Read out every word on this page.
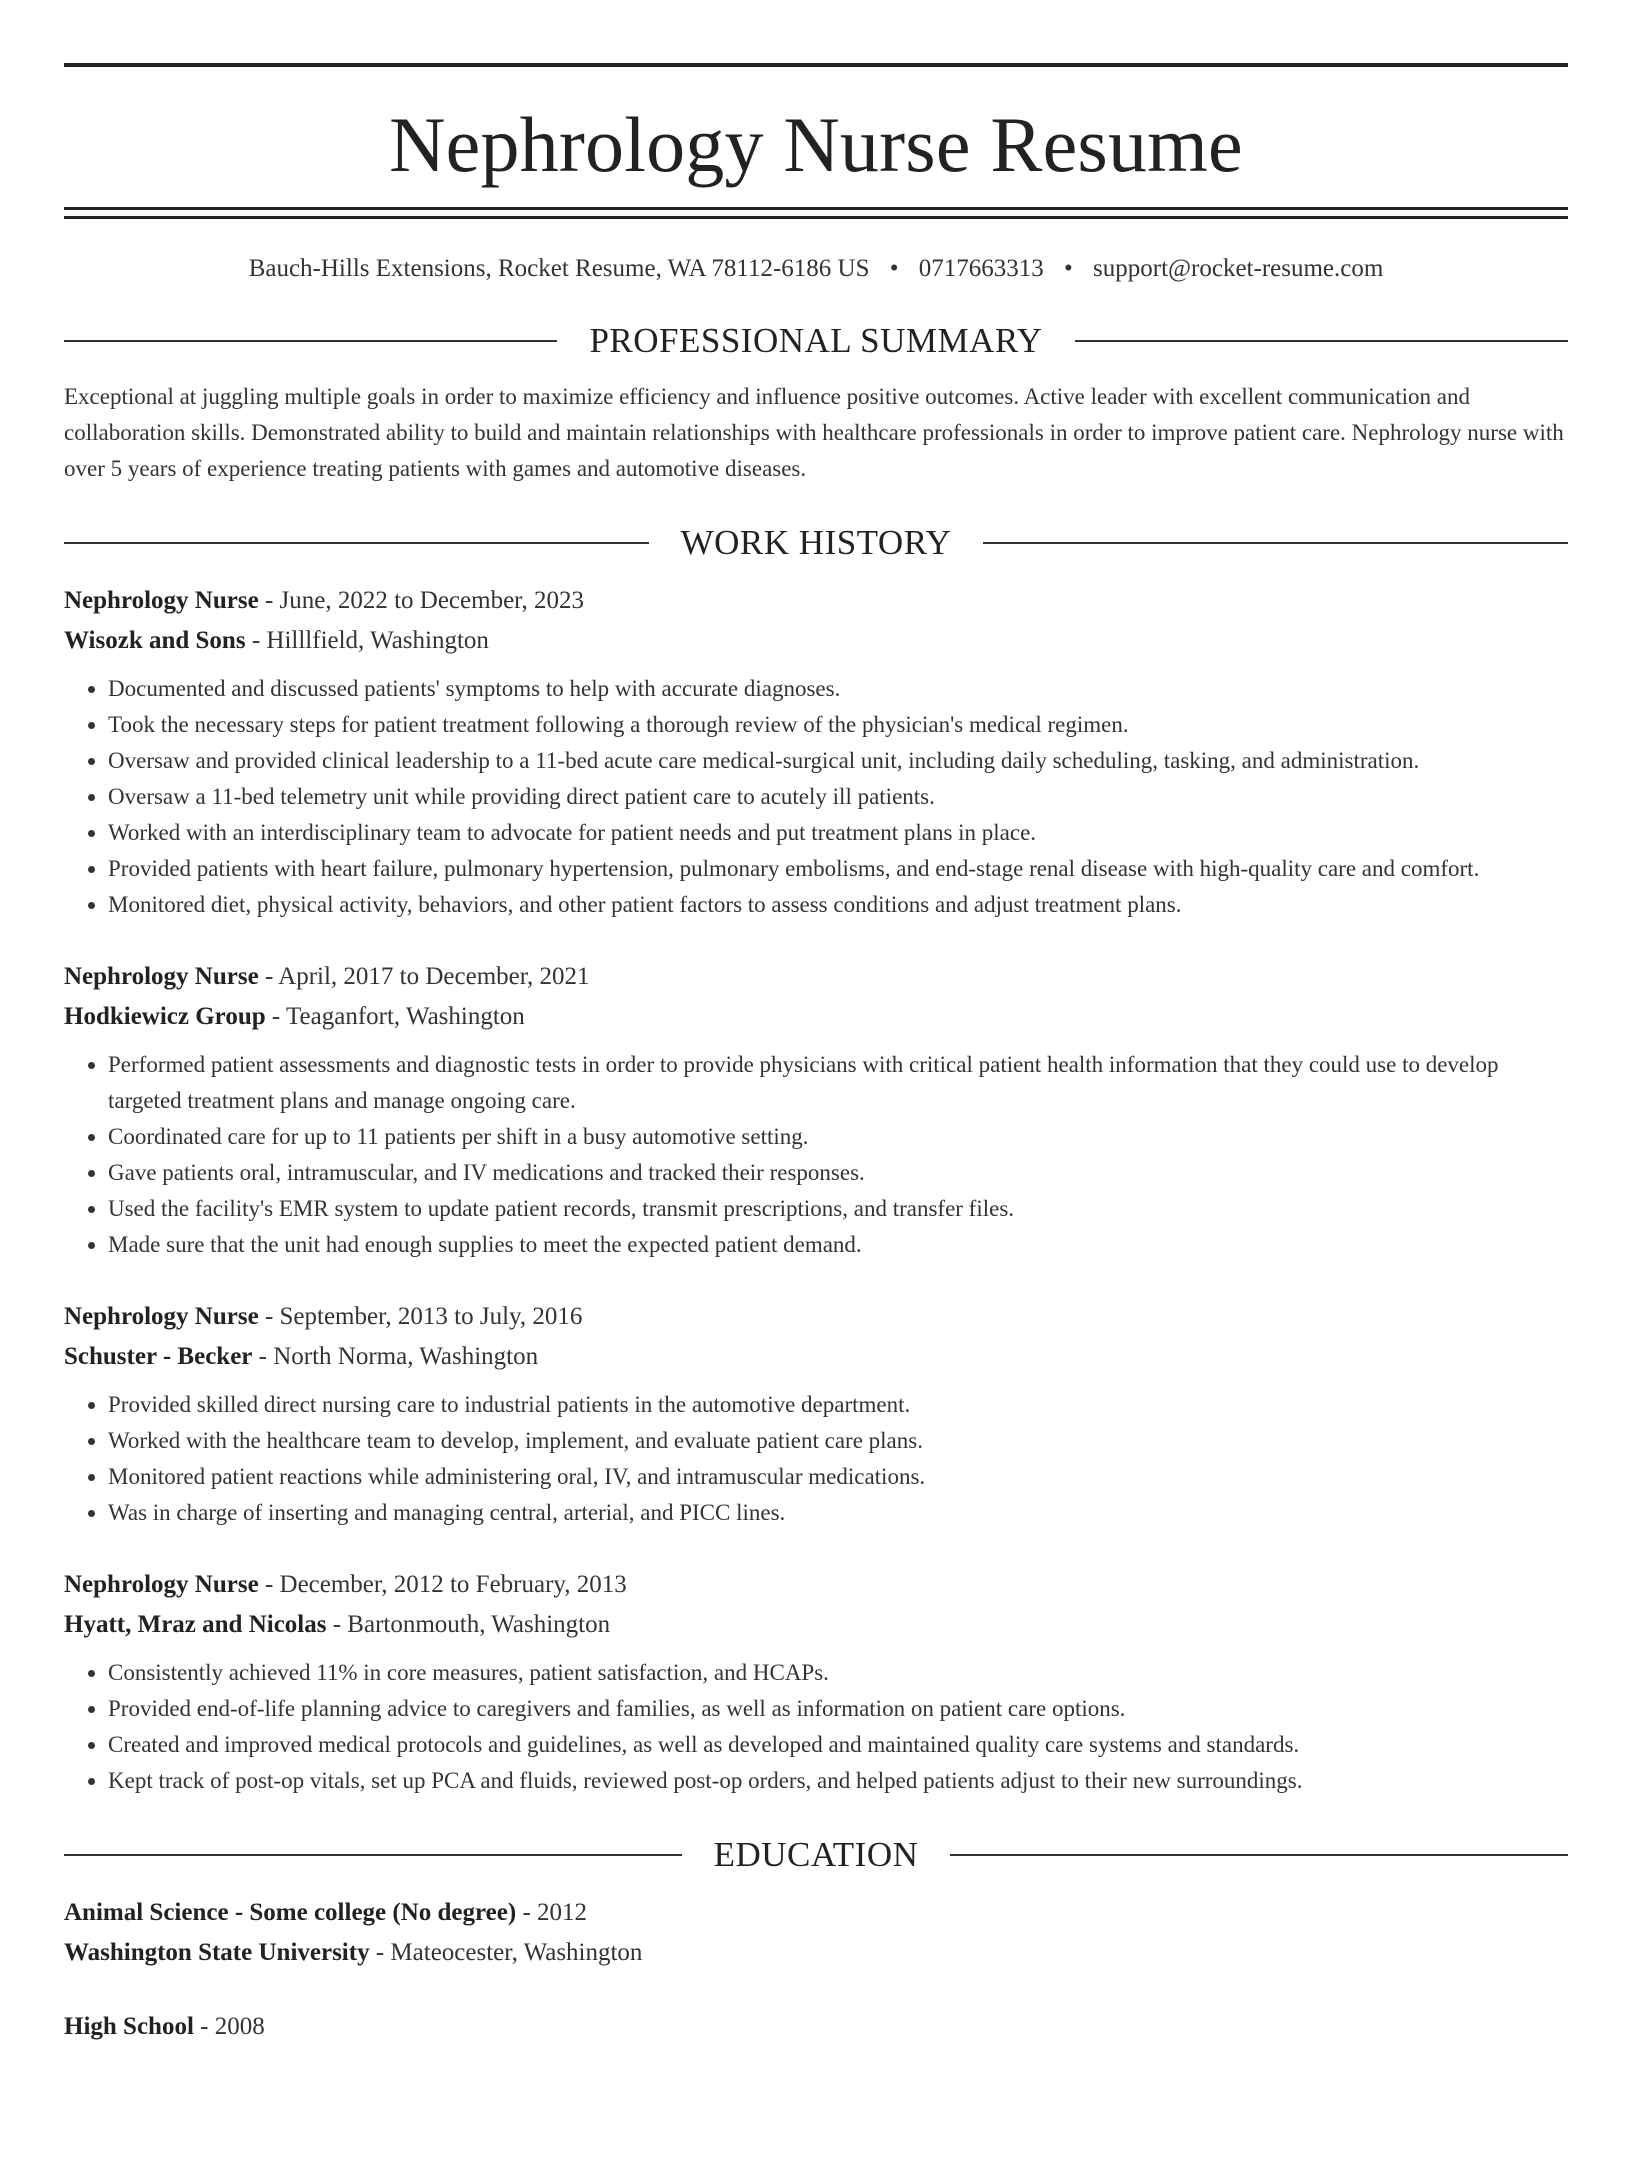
Nephrology Nurse Resume
Bauch-Hills Extensions, Rocket Resume, WA 78112-6186 US • 0717663313 • support@rocket-resume.com
PROFESSIONAL SUMMARY
Exceptional at juggling multiple goals in order to maximize efficiency and influence positive outcomes. Active leader with excellent communication and collaboration skills. Demonstrated ability to build and maintain relationships with healthcare professionals in order to improve patient care. Nephrology nurse with over 5 years of experience treating patients with games and automotive diseases.
WORK HISTORY
Nephrology Nurse - June, 2022 to December, 2023
Wisozk and Sons - Hilllfield, Washington
• Documented and discussed patients' symptoms to help with accurate diagnoses.
• Took the necessary steps for patient treatment following a thorough review of the physician's medical regimen.
• Oversaw and provided clinical leadership to a 11-bed acute care medical-surgical unit, including daily scheduling, tasking, and administration.
• Oversaw a 11-bed telemetry unit while providing direct patient care to acutely ill patients.
• Worked with an interdisciplinary team to advocate for patient needs and put treatment plans in place.
• Provided patients with heart failure, pulmonary hypertension, pulmonary embolisms, and end-stage renal disease with high-quality care and comfort.
• Monitored diet, physical activity, behaviors, and other patient factors to assess conditions and adjust treatment plans.
Nephrology Nurse - April, 2017 to December, 2021
Hodkiewicz Group - Teaganfort, Washington
• Performed patient assessments and diagnostic tests in order to provide physicians with critical patient health information that they could use to develop targeted treatment plans and manage ongoing care.
• Coordinated care for up to 11 patients per shift in a busy automotive setting.
• Gave patients oral, intramuscular, and IV medications and tracked their responses.
• Used the facility's EMR system to update patient records, transmit prescriptions, and transfer files.
• Made sure that the unit had enough supplies to meet the expected patient demand.
Nephrology Nurse - September, 2013 to July, 2016
Schuster - Becker - North Norma, Washington
• Provided skilled direct nursing care to industrial patients in the automotive department.
• Worked with the healthcare team to develop, implement, and evaluate patient care plans.
• Monitored patient reactions while administering oral, IV, and intramuscular medications.
• Was in charge of inserting and managing central, arterial, and PICC lines.
Nephrology Nurse - December, 2012 to February, 2013
Hyatt, Mraz and Nicolas - Bartonmouth, Washington
• Consistently achieved 11% in core measures, patient satisfaction, and HCAPs.
• Provided end-of-life planning advice to caregivers and families, as well as information on patient care options.
• Created and improved medical protocols and guidelines, as well as developed and maintained quality care systems and standards.
• Kept track of post-op vitals, set up PCA and fluids, reviewed post-op orders, and helped patients adjust to their new surroundings.
EDUCATION
Animal Science - Some college (No degree) - 2012
Washington State University - Mateocester, Washington
High School - 2008
